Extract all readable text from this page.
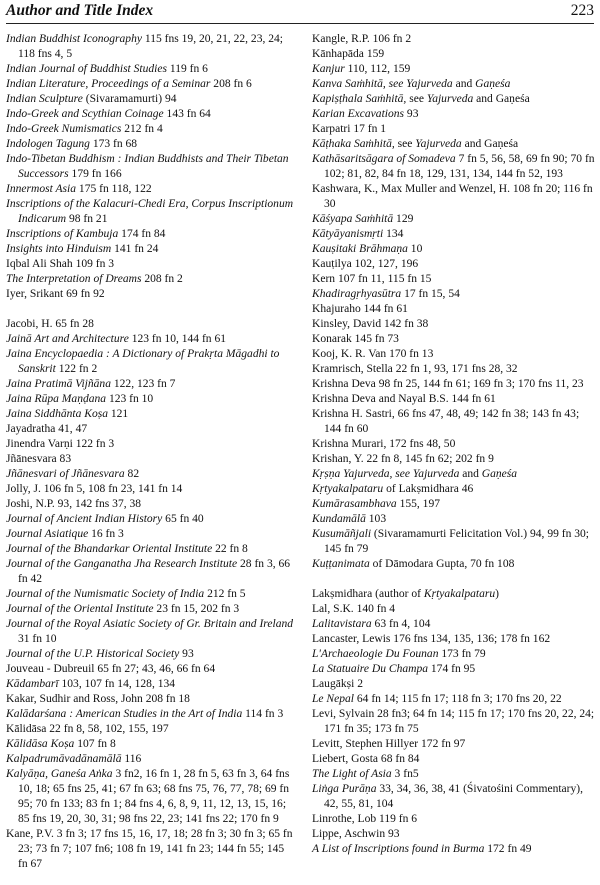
Author and Title Index	223

Indian Buddhist Iconography 115 fns 19, 20, 21, 22, 23, 24; 118 fns 4, 5

Indian Journal of Buddhist Studies 119 fn 6

Indian Literature, Proceedings of a Seminar 208 fn 6

Indian Sculpture (Sivaramamurti) 94

Indo-Greek and Scythian Coinage 143 fn 64

Indo-Greek Numismatics 212 fn 4

Indologen Tagung 173 fn 68

Indo-Tibetan Buddhism : Indian Buddhists and Their Tibetan Successors 179 fn 166

Innermost Asia 175 fn 118, 122

Inscriptions of the Kalacuri-Chedi Era, Corpus Inscriptionum Indicarum 98 fn 21

Inscriptions of Kambuja 174 fn 84

Insights into Hinduism 141 fn 24

Iqbal Ali Shah 109 fn 3

The Interpretation of Dreams 208 fn 2

Iyer, Srikant 69 fn 92

Jacobi, H. 65 fn 28

Jainā Art and Architecture 123 fn 10, 144 fn 61

Jaina Encyclopaedia : A Dictionary of Prakṛta Māgadhi to Sanskrit 122 fn 2

Jaina Pratimā Vijñāna 122, 123 fn 7

Jaina Rūpa Maṇḍana 123 fn 10

Jaina Siddhānta Koṣa 121

Jayadratha 41, 47

Jinendra Varṇi 122 fn 3

Jñānesvara 83

Jñānesvari of Jñānesvara 82

Jolly, J. 106 fn 5, 108 fn 23, 141 fn 14

Joshi, N.P. 93, 142 fns 37, 38

Journal of Ancient Indian History 65 fn 40

Journal Asiatique 16 fn 3

Journal of the Bhandarkar Oriental Institute 22 fn 8

Journal of the Ganganatha Jha Research Institute 28 fn 3, 66 fn 42

Journal of the Numismatic Society of India 212 fn 5

Journal of the Oriental Institute 23 fn 15, 202 fn 3

Journal of the Royal Asiatic Society of Gr. Britain and Ireland 31 fn 10

Journal of the U.P. Historical Society 93

Jouveau - Dubreuil 65 fn 27; 43, 46, 66 fn 64

Kādambarī 103, 107 fn 14, 128, 134

Kakar, Sudhir and Ross, John 208 fn 18

Kalādarśana : American Studies in the Art of India 114 fn 3

Kālidāsa 22 fn 8, 58, 102, 155, 197

Kālidāsa Koṣa 107 fn 8

Kalpadrumāvadānamālā 116

Kalyāṇa, Ganeśa Aṅka 3 fn2, 16 fn 1, 28 fn 5, 63 fn 3, 64 fns 10, 18; 65 fns 25, 41; 67 fn 63; 68 fns 75, 76, 77, 78; 69 fn 95; 70 fn 133; 83 fn 1; 84 fns 4, 6, 8, 9, 11, 12, 13, 15, 16; 85 fns 19, 20, 30, 31; 98 fns 22, 23; 141 fns 22; 170 fn 9

Kane, P.V. 3 fn 3; 17 fns 15, 16, 17, 18; 28 fn 3; 30 fn 3; 65 fn 23; 73 fn 7; 107 fn6; 108 fn 19, 141 fn 23; 144 fn 55; 145 fn 67

Kangle, R.P. 106 fn 2

Kānhapāda 159

Kanjur 110, 112, 159

Kanva Saṁhitā, see Yajurveda and Gaṇeśa

Kapiṣṭhala Saṁhitā, see Yajurveda and Gaṇeśa

Karian Excavations 93

Karpatri 17 fn 1

Kāṭhaka Saṁhitā, see Yajurveda and Gaṇeśa

Kathāsaritsāgara of Somadeva 7 fn 5, 56, 58, 69 fn 90; 70 fn 102; 81, 82, 84 fn 18, 129, 131, 134, 144 fn 52, 193

Kashwara, K., Max Muller and Wenzel, H. 108 fn 20; 116 fn 30

Kāśyapa Saṁhitā 129

Kātyāyanismṛti 134

Kauṣitaki Brāhmaṇa 10

Kauṭilya 102, 127, 196

Kern 107 fn 11, 115 fn 15

Khadiragṛhyasūtra 17 fn 15, 54

Khajuraho 144 fn 61

Kinsley, David 142 fn 38

Konarak 145 fn 73

Kooj, K. R. Van 170 fn 13

Kramrisch, Stella 22 fn 1, 93, 171 fns 28, 32

Krishna Deva 98 fn 25, 144 fn 61; 169 fn 3; 170 fns 11, 23

Krishna Deva and Nayal B.S. 144 fn 61

Krishna H. Sastri, 66 fns 47, 48, 49; 142 fn 38; 143 fn 43; 144 fn 60

Krishna Murari, 172 fns 48, 50

Krishan, Y. 22 fn 8, 145 fn 62; 202 fn 9

Kṛṣṇa Yajurveda, see Yajurveda and Gaṇeśa

Kṛtyakalpataru of Lakṣmidhara 46

Kumārasambhava 155, 197

Kundamālā 103

Kusumāñjali (Sivaramamurti Felicitation Vol.) 94, 99 fn 30; 145 fn 79

Kuṭṭanimata of Dāmodara Gupta, 70 fn 108

Lakṣmidhara (author of Kṛtyakalpataru)

Lal, S.K. 140 fn 4

Lalitavistara 63 fn 4, 104

Lancaster, Lewis 176 fns 134, 135, 136; 178 fn 162

L'Archaeologie Du Founan 173 fn 79

La Statuaire Du Champa 174 fn 95

Laugākṣi 2

Le Nepal 64 fn 14; 115 fn 17; 118 fn 3; 170 fns 20, 22

Levi, Sylvain 28 fn3; 64 fn 14; 115 fn 17; 170 fns 20, 22, 24; 171 fn 35; 173 fn 75

Levitt, Stephen Hillyer 172 fn 97

Liebert, Gosta 68 fn 84

The Light of Asia 3 fn5

Liṅga Purāṇa 33, 34, 36, 38, 41 (Śivatośini Commentary), 42, 55, 81, 104

Linrothe, Lob 119 fn 6

Lippe, Aschwin 93

A List of Inscriptions found in Burma 172 fn 49
